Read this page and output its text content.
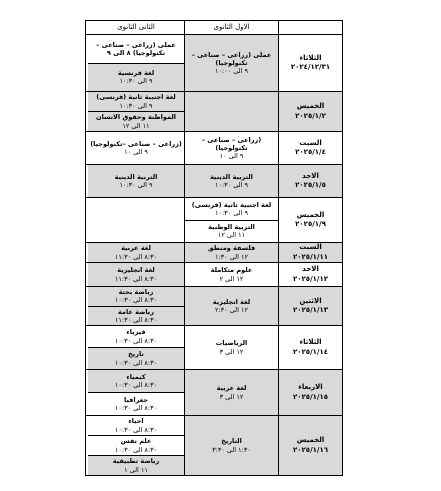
الاول الثانوى
الثانى الثانوى
الثلاثاء
٢٠٢٤/١٢/٣١
عملى (زراعى – صناعى – تكنولوجيا)
٩ الى ١٠:٠٠
عملى (زراعى – صناعى – تكنولوجيا) ٨ الى ٩
لغة فرنسية
٩ الى ١٠:٣٠
الخميس
٢٠٢٥/١/٢
لغة اجنبية ثانية (فرنسى)
٩ الى ١٠:٣٠
المواطنة وحقوق الانسان
١١ الى ١٢
السبت
٢٠٢٥/١/٤
(زراعى – صناعى –تكنولوجيا)
٩ الى ١٠
(زراعى – صناعى –تكنولوجيا)
٩ الى ١٠
الاحد
٢٠٢٥/١/٥
التربية الدينية
٩ الى ١٠:٣٠
التربية الدينية
٩ الى ١٠:٣٠
الخميس
٢٠٢٥/١/٩
لغة اجنبية ثانية (فرنسى)
٩ الى ١٠:٣٠
التربية الوطنية
١١ الى ١٢
السبت
٢٠٢٥/١/١١
فلسفة ومنطق
١٢ الى ١:٣٠
لغة عربية
٨:٣٠ الى ١١:٣٠
الاحد
٢٠٢٥/١/١٢
علوم متكاملة
١٢ الى ٢
لغة انجليزية
٨:٣٠ الى ١١:٣٠
الاثنين
٢٠٢٥/١/١٣
لغة انجليزية
١٢ الى ٢:٣٠
رياضة بحتة
٨:٣٠ الى ١٠:٣٠
رياضة عامة
٨:٣٠ الى ١١:٣٠
الثلاثاء
٢٠٢٥/١/١٤
الرياضيات
١٢ الى ٣
فيزياء
٨:٣٠ الى ١٠:٣٠
تاريخ
٨:٣٠ الى ١٠:٣٠
الاربعاء
٢٠٢٥/١/١٥
لغة عربية
١٢ الى ٣
كيمياء
٨:٣٠ الى ١٠:٣٠
جغرافيا
٨:٣٠ الى ١٠:٣٠
الخميس
٢٠٢٥/١/١٦
التاريخ
١:٣٠ الى ٣:٣٠
احياء
٨:٣٠ الى ١٠:٣٠
علم نفس
٨:٣٠ الى ١٠:٣٠
رياضة تطبيقية
١١ الى ١
